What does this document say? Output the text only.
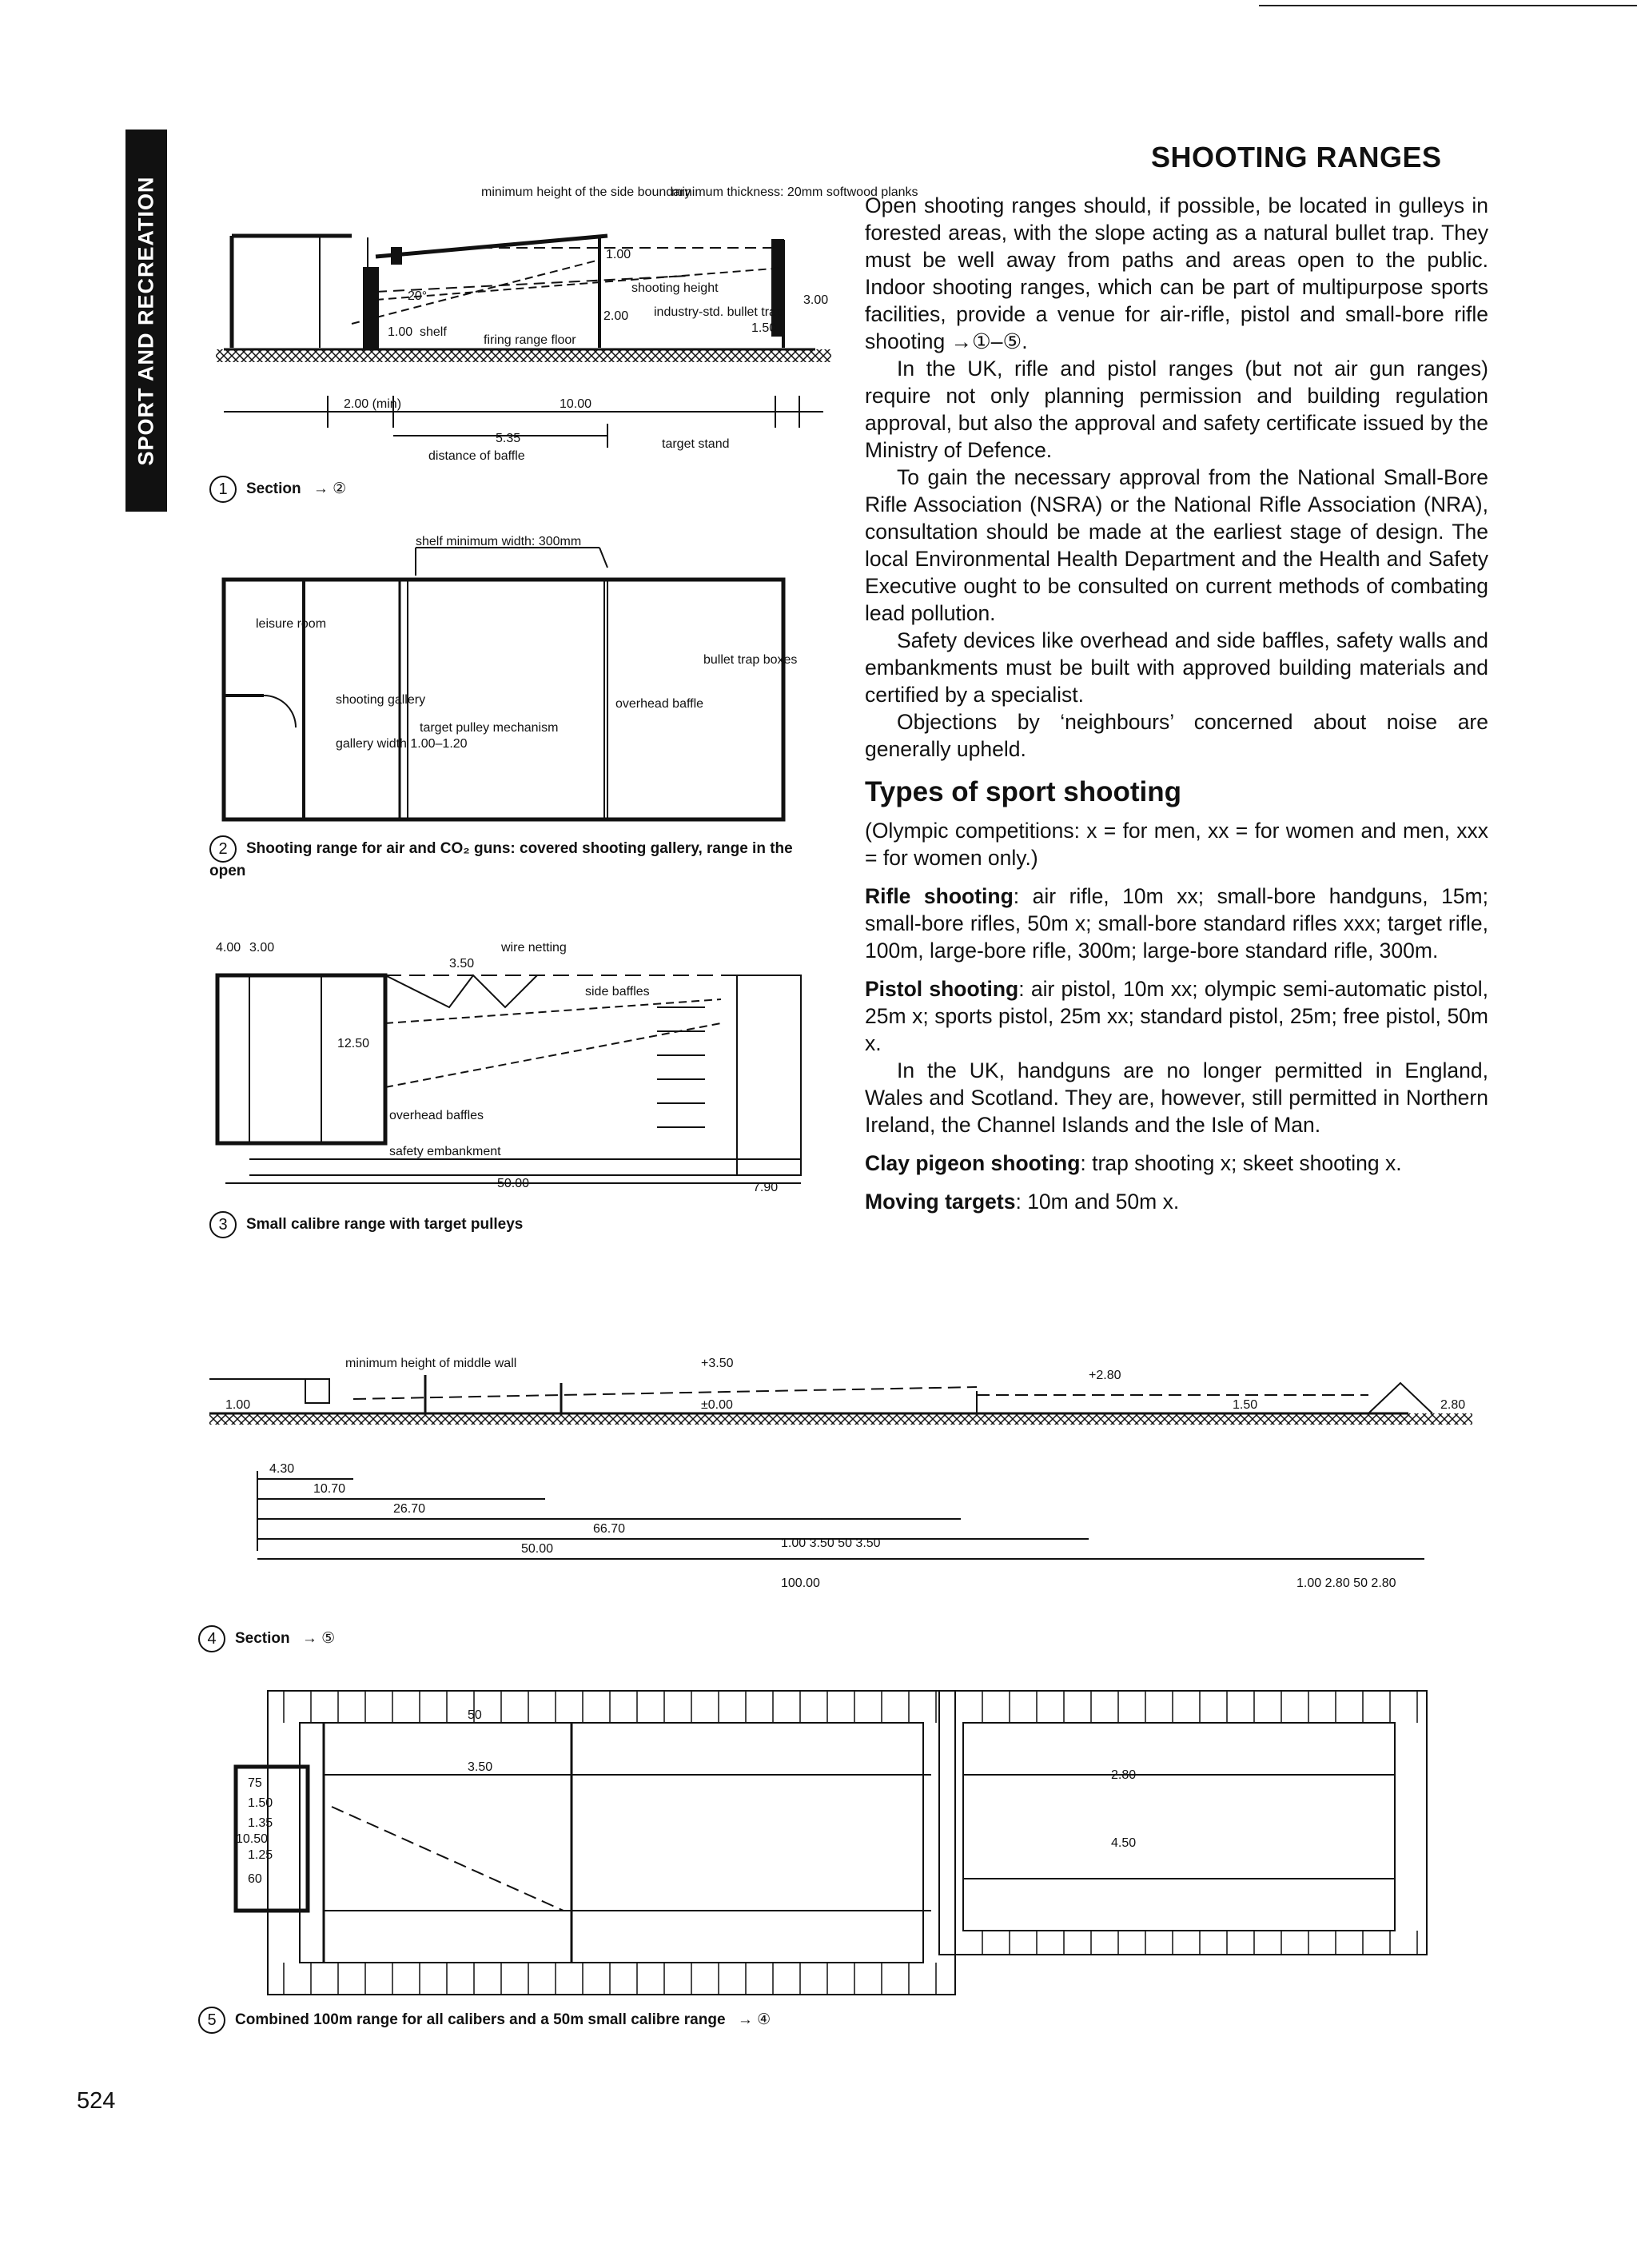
SPORT AND RECREATION
SHOOTING RANGES

Open shooting ranges should, if possible, be located in gulleys in forested areas, with the slope acting as a natural bullet trap. They must be well away from paths and areas open to the public. Indoor shooting ranges, which can be part of multipurpose sports facilities, provide a venue for air-rifle, pistol and small-bore rifle shooting →①–⑤.

In the UK, rifle and pistol ranges (but not air gun ranges) require not only planning permission and building regulation approval, but also the approval and safety certificate issued by the Ministry of Defence.

To gain the necessary approval from the National Small-Bore Rifle Association (NSRA) or the National Rifle Association (NRA), consultation should be made at the earliest stage of design. The local Environmental Health Department and the Health and Safety Executive ought to be consulted on current methods of combating lead pollution.

Safety devices like overhead and side baffles, safety walls and embankments must be built with approved building materials and certified by a specialist.

Objections by ‘neighbours’ concerned about noise are generally upheld.

Types of sport shooting

(Olympic competitions: x = for men, xx = for women and men, xxx = for women only.)

Rifle shooting: air rifle, 10m xx; small-bore handguns, 15m; small-bore rifles, 50m x; small-bore standard rifles xxx; target rifle, 100m, large-bore rifle, 300m; large-bore standard rifle, 300m.

Pistol shooting: air pistol, 10m xx; olympic semi-automatic pistol, 25m x; sports pistol, 25m xx; standard pistol, 25m; free pistol, 50m x.

In the UK, handguns are no longer permitted in England, Wales and Scotland. They are, however, still permitted in Northern Ireland, the Channel Islands and the Isle of Man.

Clay pigeon shooting: trap shooting x; skeet shooting x.

Moving targets: 10m and 50m x.

minimum height of the side boundary
minimum thickness: 20mm softwood planks
shooting height
industry-std. bullet trap
shelf
firing range floor
1.00
3.00
1.50
2.00
20°
1.00
2.00 (min)	10.00
5.35
distance of baffle
target stand
1 Section → ②
shelf minimum width: 300mm
leisure room
shooting gallery
gallery width 1.00–1.20
target pulley mechanism
overhead baffle
bullet trap boxes
2 Shooting range for air and CO₂ guns: covered shooting gallery, range in the open
wire netting
side baffles
overhead baffles
safety embankment
4.00 3.00
3.50
12.50
50.00	7.90
3 Small calibre range with target pulleys
minimum height of middle wall	+3.50
+2.80
±0.00
1.00	1.50	2.80
4.30
10.70
26.70
66.70
50.00	1.00 3.50 50 3.50
100.00	1.00 2.80 50 2.80
4 Section → ⑤
50
3.50
10.50
75
1.50
1.35
1.25
60
2.80
4.50
5 Combined 100m range for all calibers and a 50m small calibre range → ④
524
